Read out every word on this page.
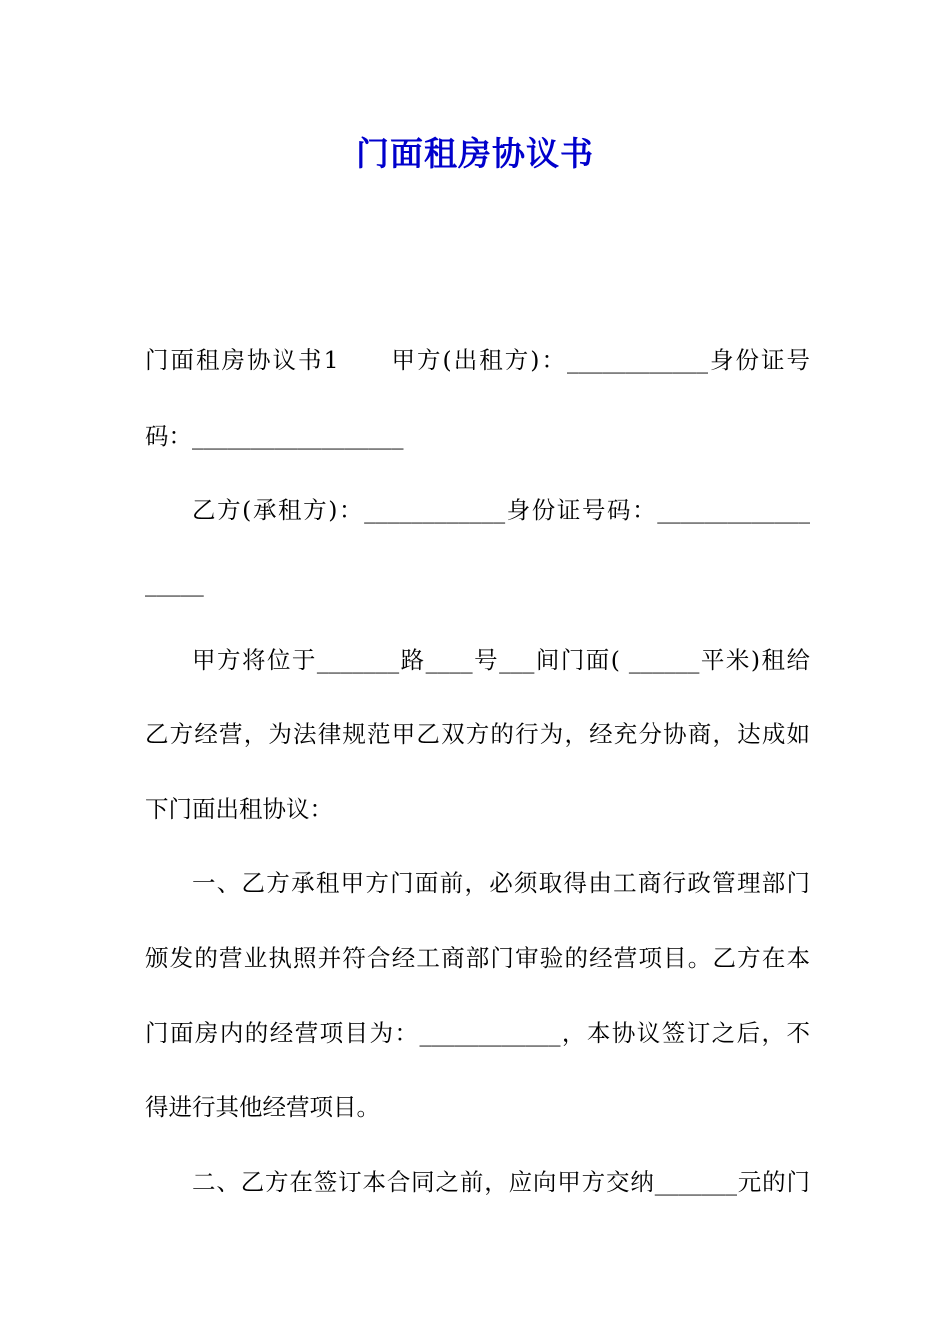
门面租房协议书
门面租房协议书1　　甲方(出租方)：____________身份证号
码：__________________
乙方(承租方)：____________身份证号码：_____________
_____
甲方将位于_______路____号___间门面( ______平米)租给
乙方经营，为法律规范甲乙双方的行为，经充分协商，达成如
下门面出租协议：
一、乙方承租甲方门面前，必须取得由工商行政管理部门
颁发的营业执照并符合经工商部门审验的经营项目。乙方在本
门面房内的经营项目为：____________，本协议签订之后，不
得进行其他经营项目。
二、乙方在签订本合同之前，应向甲方交纳_______元的门
